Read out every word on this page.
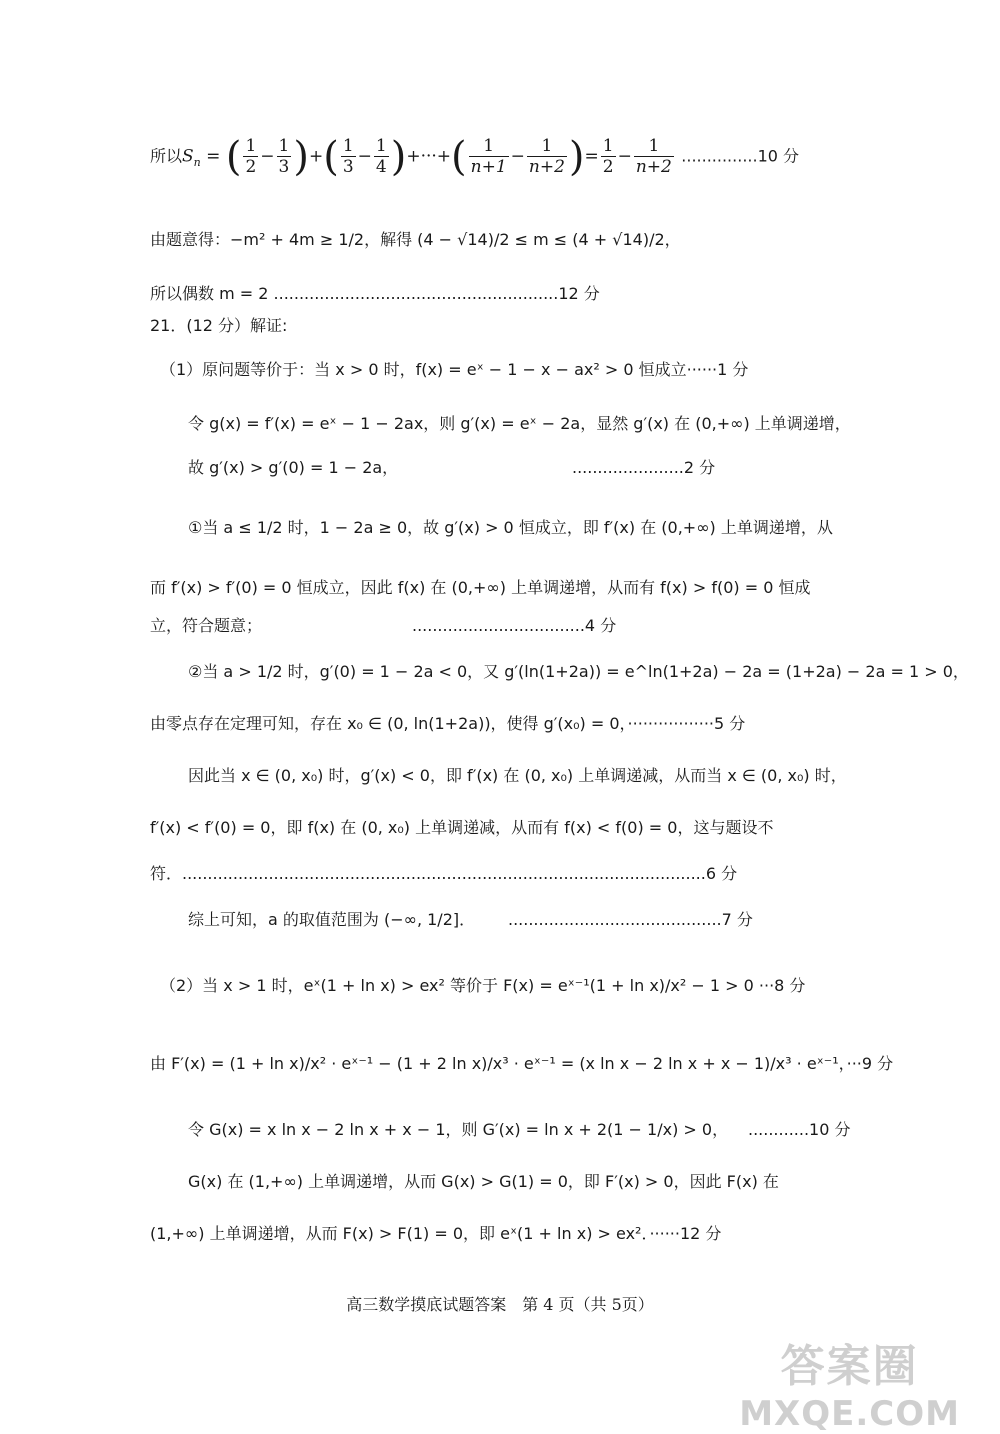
所以$S_n$ = ( $\frac{1}{2} - \frac{1}{3}$ )+( $\frac{1}{3} - \frac{1}{4}$ )+···+( $\frac{1}{n+1} - \frac{1}{n+2}$ )= $\frac{1}{2} - \frac{1}{n+2} ...............10$ 分
由题意得：−m² + 4m ≥ 1/2，解得 (4 − √14)/2 ≤ m ≤ (4 + √14)/2，
所以偶数 m = 2 ........................................................12 分
21．(12 分）解证:
（1）原问题等价于：当 x > 0 时，f(x) = eˣ − 1 − x − ax² > 0 恒成立······1 分
令 g(x) = f′(x) = eˣ − 1 − 2ax，则 g′(x) = eˣ − 2a，显然 g′(x) 在 (0,+∞) 上单调递增，
故 g′(x) > g′(0) = 1 − 2a，	......................2 分
①当 a ≤ 1/2 时，1 − 2a ≥ 0，故 g′(x) > 0 恒成立，即 f′(x) 在 (0,+∞) 上单调递增，从
而 f′(x) > f′(0) = 0 恒成立，因此 f(x) 在 (0,+∞) 上单调递增，从而有 f(x) > f(0) = 0 恒成
立，符合题意；	..................................4 分
②当 a > 1/2 时，g′(0) = 1 − 2a < 0，又 g′(ln(1+2a)) = e^ln(1+2a) − 2a = (1+2a) − 2a = 1 > 0，
由零点存在定理可知，存在 x₀ ∈ (0, ln(1+2a))，使得 g′(x₀) = 0，·················5 分
因此当 x ∈ (0, x₀) 时，g′(x) < 0，即 f′(x) 在 (0, x₀) 上单调递减，从而当 x ∈ (0, x₀) 时，
f′(x) < f′(0) = 0，即 f(x) 在 (0, x₀) 上单调递减，从而有 f(x) < f(0) = 0，这与题设不
符．.......................................................................................................6 分
综上可知，a 的取值范围为 (−∞, 1/2]． ..........................................7 分
（2）当 x > 1 时，eˣ(1 + ln x) > ex² 等价于 F(x) = eˣ⁻¹(1 + ln x)/x² − 1 > 0 ···8 分
由 F′(x) = (1 + ln x)/x² · eˣ⁻¹ − (1 + 2 ln x)/x³ · eˣ⁻¹ = (x ln x − 2 ln x + x − 1)/x³ · eˣ⁻¹，···9 分
令 G(x) = x ln x − 2 ln x + x − 1，则 G′(x) = ln x + 2(1 − 1/x) > 0， ............10 分
G(x) 在 (1,+∞) 上单调递增，从而 G(x) > G(1) = 0，即 F′(x) > 0，因此 F(x) 在
(1,+∞) 上单调递增，从而 F(x) > F(1) = 0，即 eˣ(1 + ln x) > ex²．······12 分
高三数学摸底试题答案　第 4 页（共 5页）
答案圈
MXQE.COM
